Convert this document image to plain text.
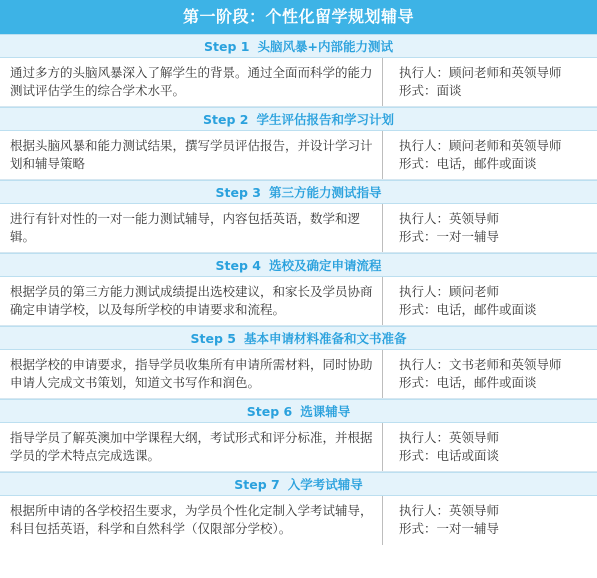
第一阶段：个性化留学规划辅导
Step 1 头脑风暴+内部能力测试
通过多方的头脑风暴深入了解学生的背景。通过全面而科学的能力测试评估学生的综合学术水平。
执行人：顾问老师和英领导师
形式：面谈
Step 2 学生评估报告和学习计划
根据头脑风暴和能力测试结果，撰写学员评估报告，并设计学习计划和辅导策略
执行人：顾问老师和英领导师
形式：电话，邮件或面谈
Step 3 第三方能力测试指导
进行有针对性的一对一能力测试辅导，内容包括英语，数学和逻辑。
执行人：英领导师
形式：一对一辅导
Step 4 选校及确定申请流程
根据学员的第三方能力测试成绩提出选校建议，和家长及学员协商确定申请学校，以及每所学校的申请要求和流程。
执行人：顾问老师
形式：电话，邮件或面谈
Step 5 基本申请材料准备和文书准备
根据学校的申请要求，指导学员收集所有申请所需材料，同时协助申请人完成文书策划，知道文书写作和润色。
执行人：文书老师和英领导师
形式：电话，邮件或面谈
Step 6 选课辅导
指导学员了解英澳加中学课程大纲，考试形式和评分标准，并根据学员的学术特点完成选课。
执行人：英领导师
形式：电话或面谈
Step 7 入学考试辅导
根据所申请的各学校招生要求，为学员个性化定制入学考试辅导，科目包括英语，科学和自然科学（仅限部分学校）。
执行人：英领导师
形式：一对一辅导
